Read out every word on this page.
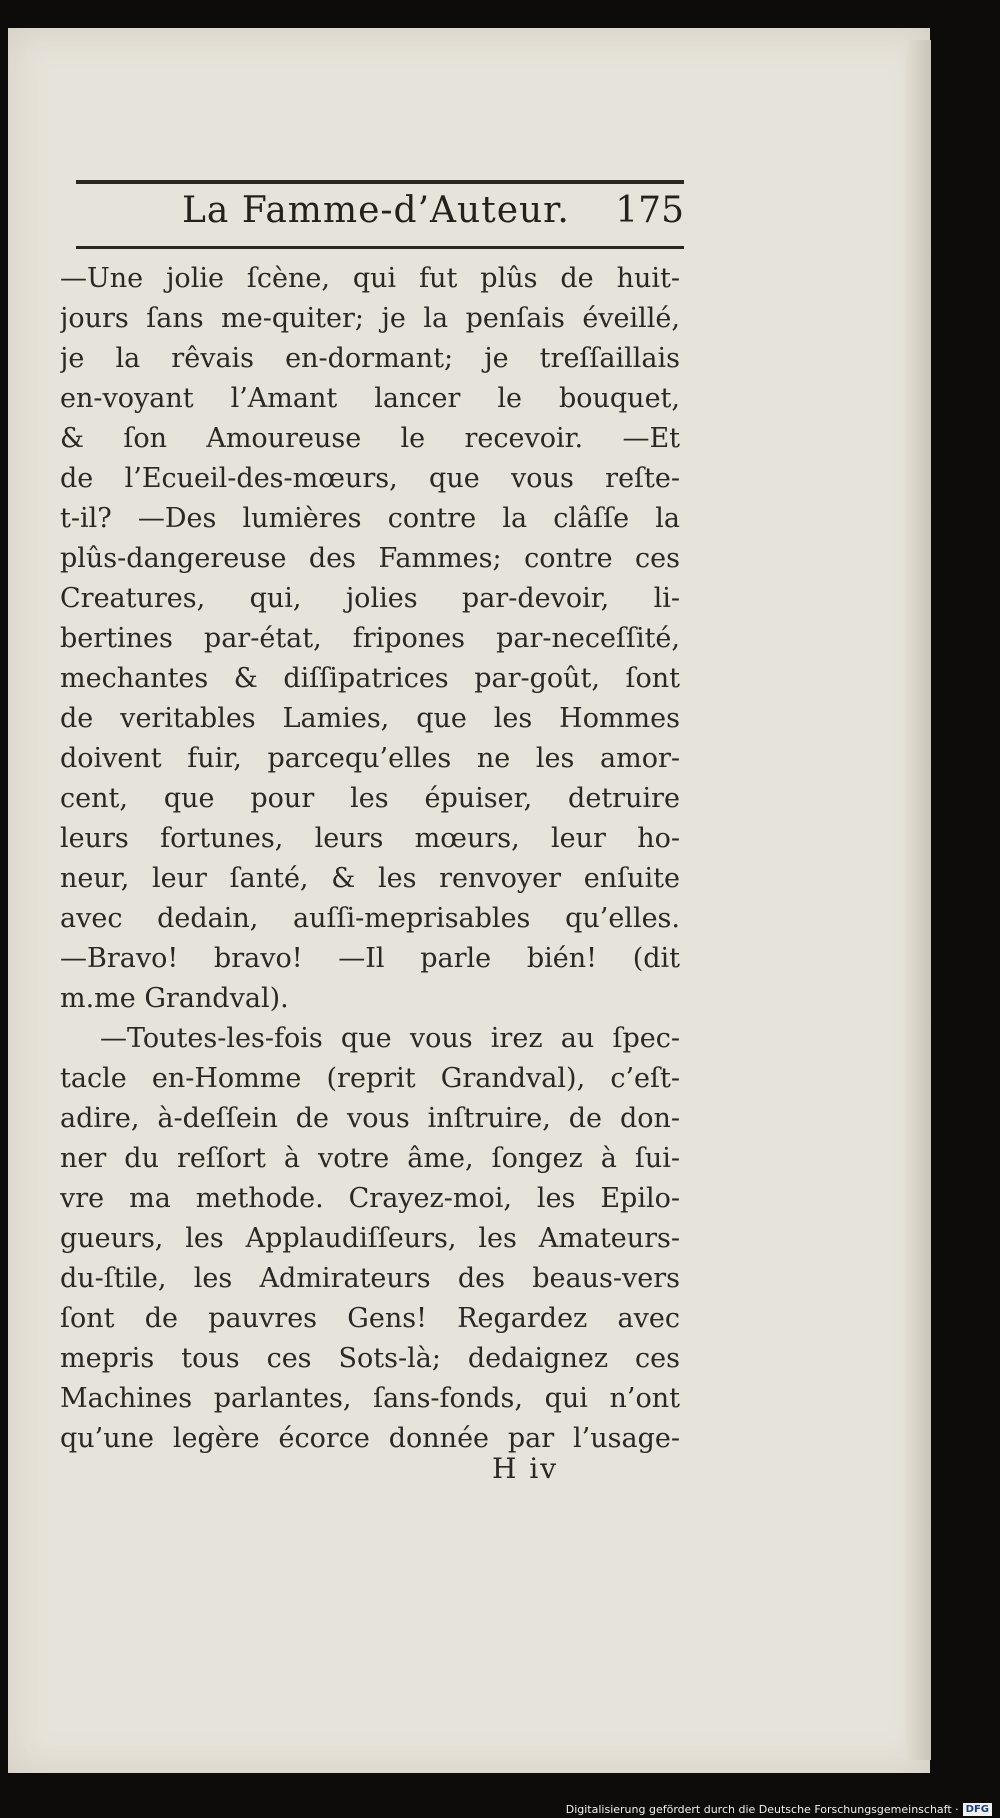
La Famme-d’Auteur. 175
—Une jolie ſcène, qui fut plûs de huit-
jours ſans me-quiter; je la penſais éveillé,
je la rêvais en-dormant; je treſſaillais
en-voyant l’Amant lancer le bouquet,
& ſon Amoureuse le recevoir. —Et
de l’Ecueil-des-mœurs, que vous reſte-
t-il? —Des lumières contre la clâſſe la
plûs-dangereuse des Fammes; contre ces
Creatures, qui, jolies par-devoir, li-
bertines par-état, fripones par-neceſſité,
mechantes & diſſipatrices par-goût, ſont
de veritables Lamies, que les Hommes
doivent fuir, parcequ’elles ne les amor-
cent, que pour les épuiser, detruire
leurs fortunes, leurs mœurs, leur ho-
neur, leur ſanté, & les renvoyer enſuite
avec dedain, auſſi-meprisables qu’elles.
—Bravo! bravo! —Il parle bién! (dit
m.me Grandval).
—Toutes-les-fois que vous irez au ſpec-
tacle en-Homme (reprit Grandval), c’eſt-
adire, à-deſſein de vous inſtruire, de don-
ner du reſſort à votre âme, ſongez à ſui-
vre ma methode. Crayez-moi, les Epilo-
gueurs, les Applaudiſſeurs, les Amateurs-
du-ſtile, les Admirateurs des beaus-vers
ſont de pauvres Gens! Regardez avec
mepris tous ces Sots-là; dedaignez ces
Machines parlantes, ſans-fonds, qui n’ont
qu’une legère écorce donnée par l’usage-
H iv
Digitalisierung gefördert durch die Deutsche Forschungsgemeinschaft · DFG
